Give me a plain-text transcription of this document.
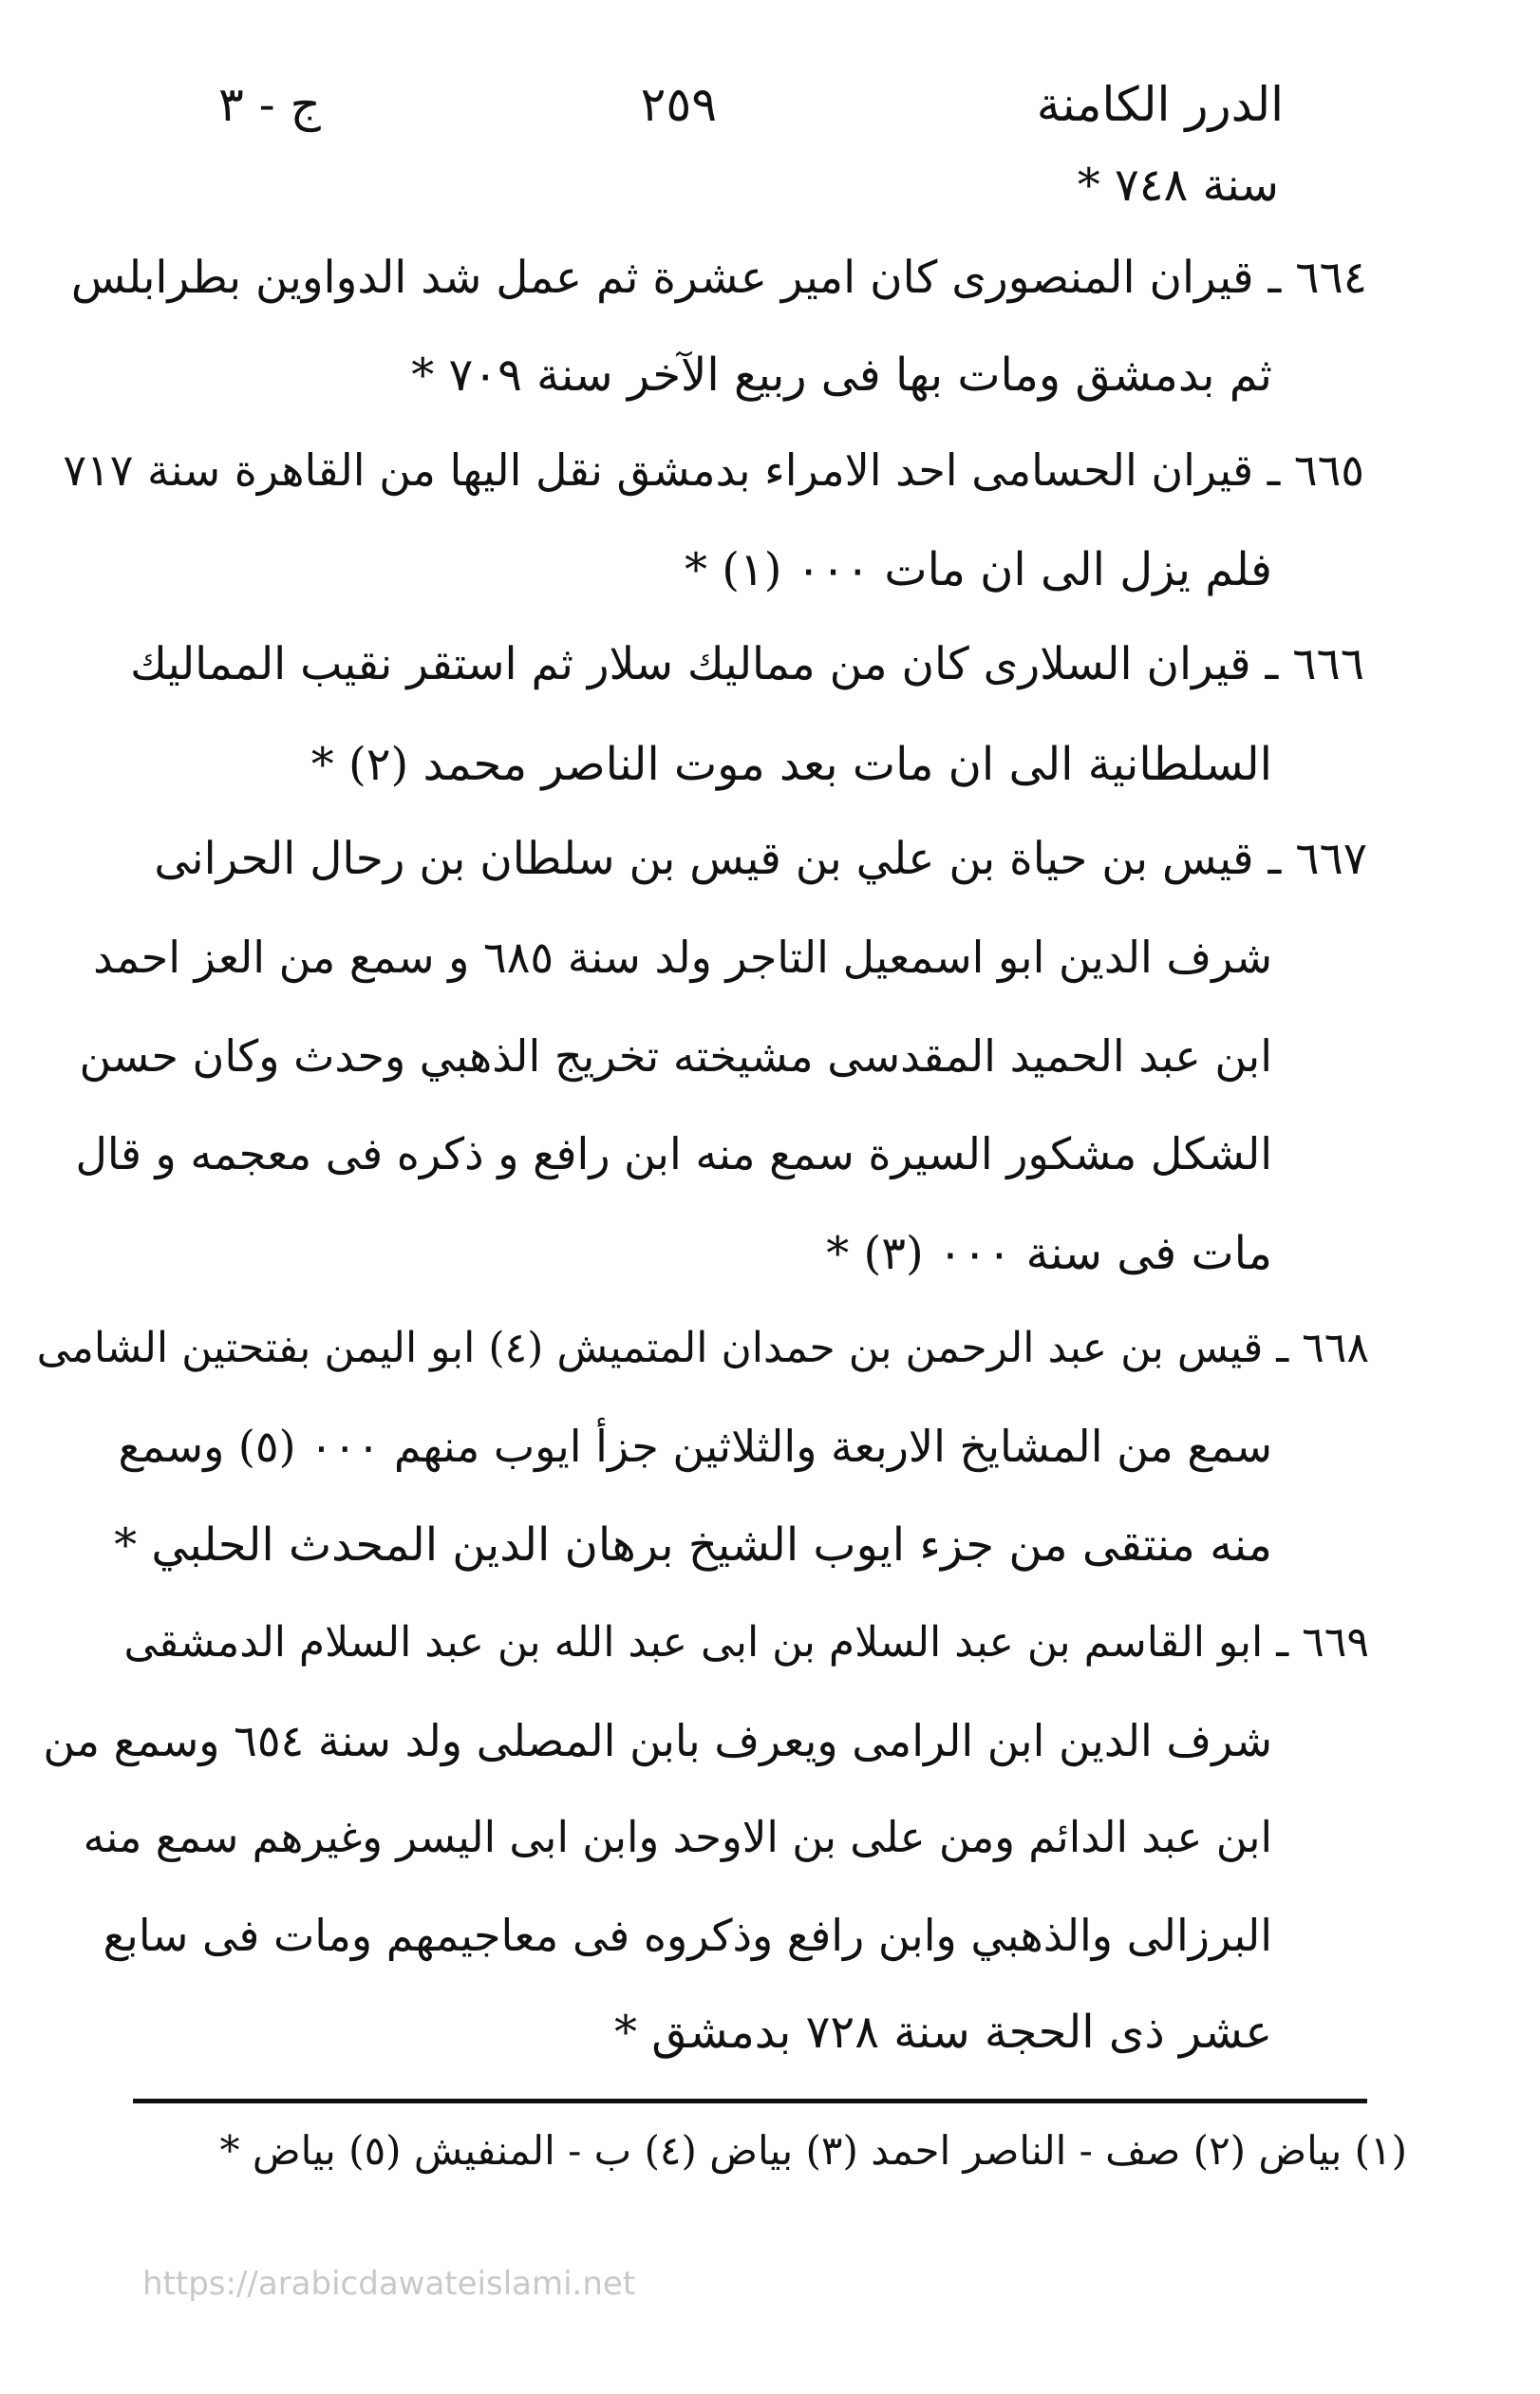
الدرر الكامنة
٢٥٩
ج - ٣
سنة ٧٤٨ *
٦٦٤ ـ قيران المنصورى كان امير عشرة ثم عمل شد الدواوين بطرابلس
ثم بدمشق ومات بها فى ربيع الآخر سنة ٧٠٩ *
٦٦٥ ـ قيران الحسامى احد الامراء بدمشق نقل اليها من القاهرة سنة ٧١٧
فلم يزل الى ان مات ٠٠٠ (١) *
٦٦٦ ـ قيران السلارى كان من مماليك سلار ثم استقر نقيب المماليك
السلطانية الى ان مات بعد موت الناصر محمد (٢) *
٦٦٧ ـ قيس بن حياة بن علي بن قيس بن سلطان بن رحال الحرانى
شرف الدين ابو اسمعيل التاجر ولد سنة ٦٨٥ و سمع من العز احمد
ابن عبد الحميد المقدسى مشيخته تخريج الذهبي وحدث وكان حسن
الشكل مشكور السيرة سمع منه ابن رافع و ذكره فى معجمه و قال
مات فى سنة ٠٠٠ (٣) *
٦٦٨ ـ قيس بن عبد الرحمن بن حمدان المتميش (٤) ابو اليمن بفتحتين الشامى
سمع من المشايخ الاربعة والثلاثين جزأ ايوب منهم ٠٠٠ (٥) وسمع
منه منتقى من جزء ايوب الشيخ برهان الدين المحدث الحلبي *
٦٦٩ ـ ابو القاسم بن عبد السلام بن ابى عبد الله بن عبد السلام الدمشقى
شرف الدين ابن الرامى ويعرف بابن المصلى ولد سنة ٦٥٤ وسمع من
ابن عبد الدائم ومن على بن الاوحد وابن ابى اليسر وغيرهم سمع منه
البرزالى والذهبي وابن رافع وذكروه فى معاجيمهم ومات فى سابع
عشر ذى الحجة سنة ٧٢٨ بدمشق *
(١) بياض (٢) صف - الناصر احمد (٣) بياض (٤) ب - المنفيش (٥) بياض *
https://arabicdawateislami.net
